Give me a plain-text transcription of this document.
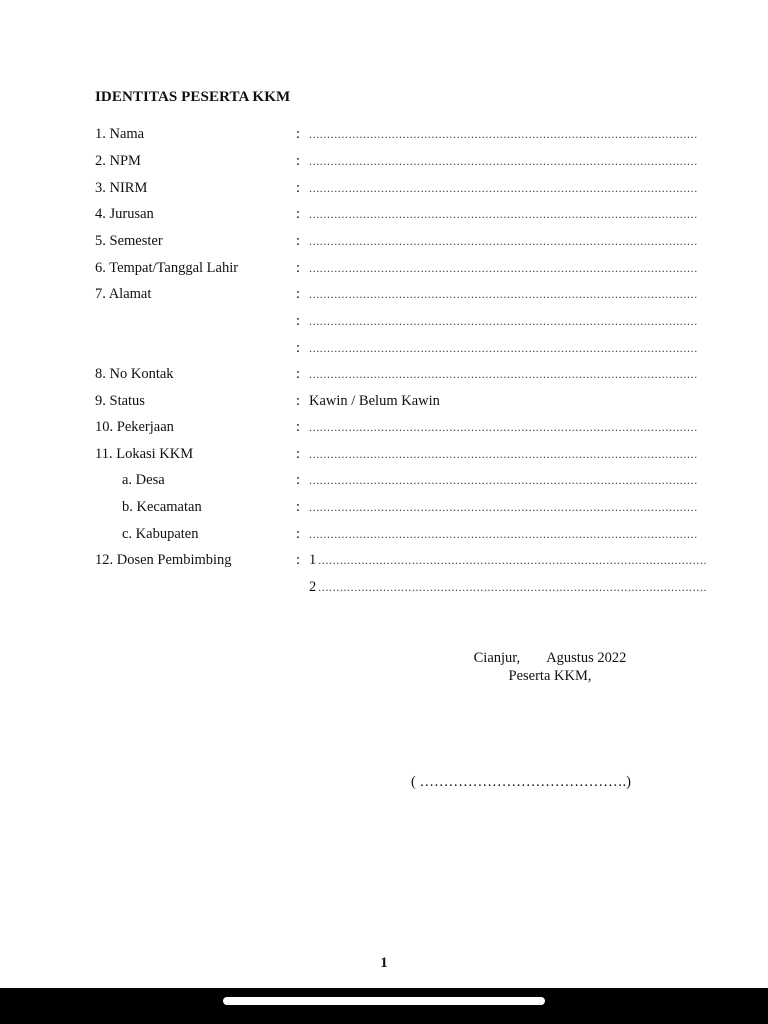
IDENTITAS PESERTA KKM
1. Nama	: ............................................................................................................
2. NPM	: ............................................................................................................
3. NIRM	: ............................................................................................................
4. Jurusan	: ............................................................................................................
5. Semester	: ............................................................................................................
6. Tempat/Tanggal Lahir	: ............................................................................................................
7. Alamat	: ............................................................................................................
: ............................................................................................................
: ............................................................................................................
8. No Kontak	: ............................................................................................................
9. Status	: Kawin / Belum Kawin
10. Pekerjaan	: ............................................................................................................
11. Lokasi KKM	: ............................................................................................................
a. Desa	: ............................................................................................................
b. Kecamatan	: ............................................................................................................
c. Kabupaten	: ............................................................................................................
12. Dosen Pembimbing	: 1 ............................................................................................................
2 ............................................................................................................
Cianjur, Agustus 2022
Peserta KKM,
( …………………………………….)
1
